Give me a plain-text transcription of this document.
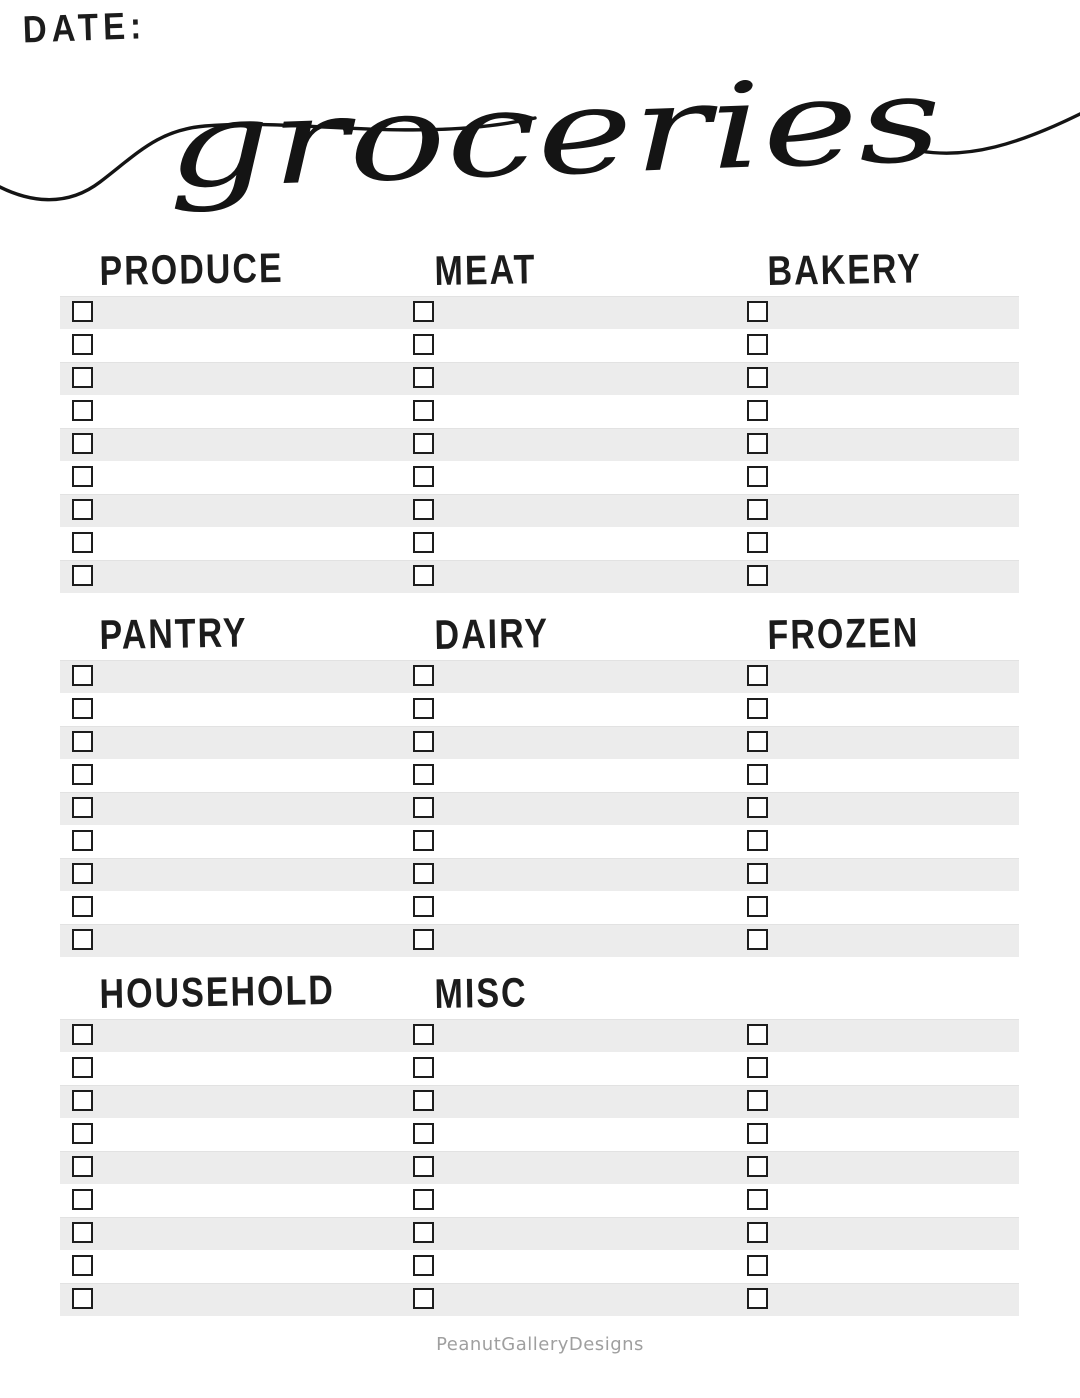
DATE:
groceries
PRODUCE	MEAT	BAKERY
PANTRY	DAIRY	FROZEN
HOUSEHOLD	MISC
PeanutGalleryDesigns
